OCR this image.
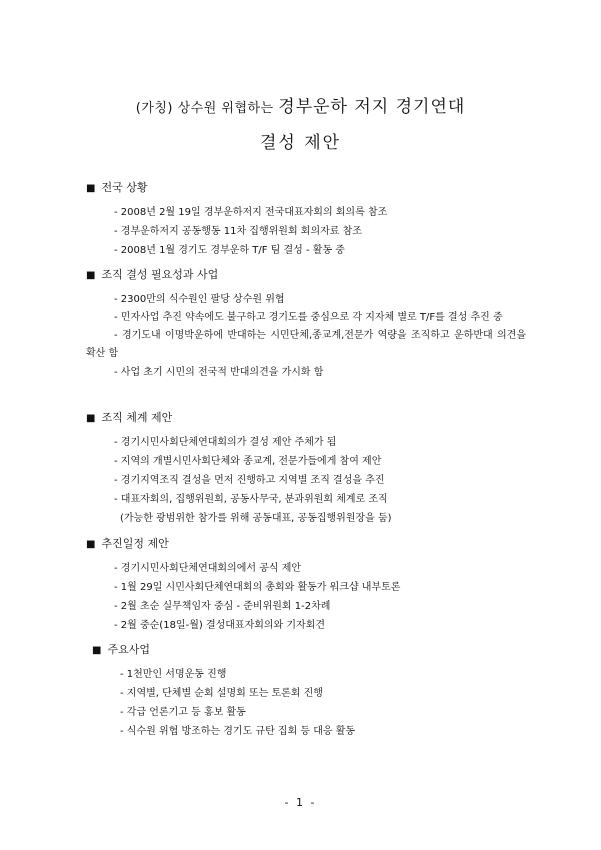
(가칭) 상수원 위협하는 경부운하 저지 경기연대
결성 제안
■ 전국 상황
- 2008년 2월 19일 경부운하저지 전국대표자회의 회의록 참조
- 경부운하저지 공동행동 11차 집행위원회 회의자료 참조
- 2008년 1월 경기도 경부운하 T/F 팀 결성 - 활동 중
■ 조직 결성 필요성과 사업
- 2300만의 식수원인 팔당 상수원 위협
- 민자사업 추진 약속에도 불구하고 경기도를 중심으로 각 지자체 별로 T/F를 결성 추진 중
- 경기도내 이명박운하에 반대하는 시민단체,종교계,전문가 역량을 조직하고 운하반대 의견을 확산 함
- 사업 초기 시민의 전국적 반대의견을 가시화 함
■ 조직 체계 제안
- 경기시민사회단체연대회의가 결성 제안 주체가 됨
- 지역의 개별시민사회단체와 종교계, 전문가들에게 참여 제안
- 경기지역조직 결성을 먼저 진행하고 지역별 조직 결성을 추진
- 대표자회의, 집행위원회, 공동사무국, 분과위원회 체계로 조직
(가능한 광범위한 참가를 위해 공동대표, 공동집행위원장을 둠)
■ 추진일정 제안
- 경기시민사회단체연대회의에서 공식 제안
- 1월 29일 시민사회단체연대회의 총회와 활동가 워크샵 내부토론
- 2월 초순 실무책임자 중심 - 준비위원회 1-2차례
- 2월 중순(18일-월) 결성대표자회의와 기자회견
■ 주요사업
- 1천만인 서명운동 진행
- 지역별, 단체별 순회 설명회 또는 토론회 진행
- 각급 언론기고 등 홍보 활동
- 식수원 위협 방조하는 경기도 규탄 집회 등 대응 활동
- 1 -
